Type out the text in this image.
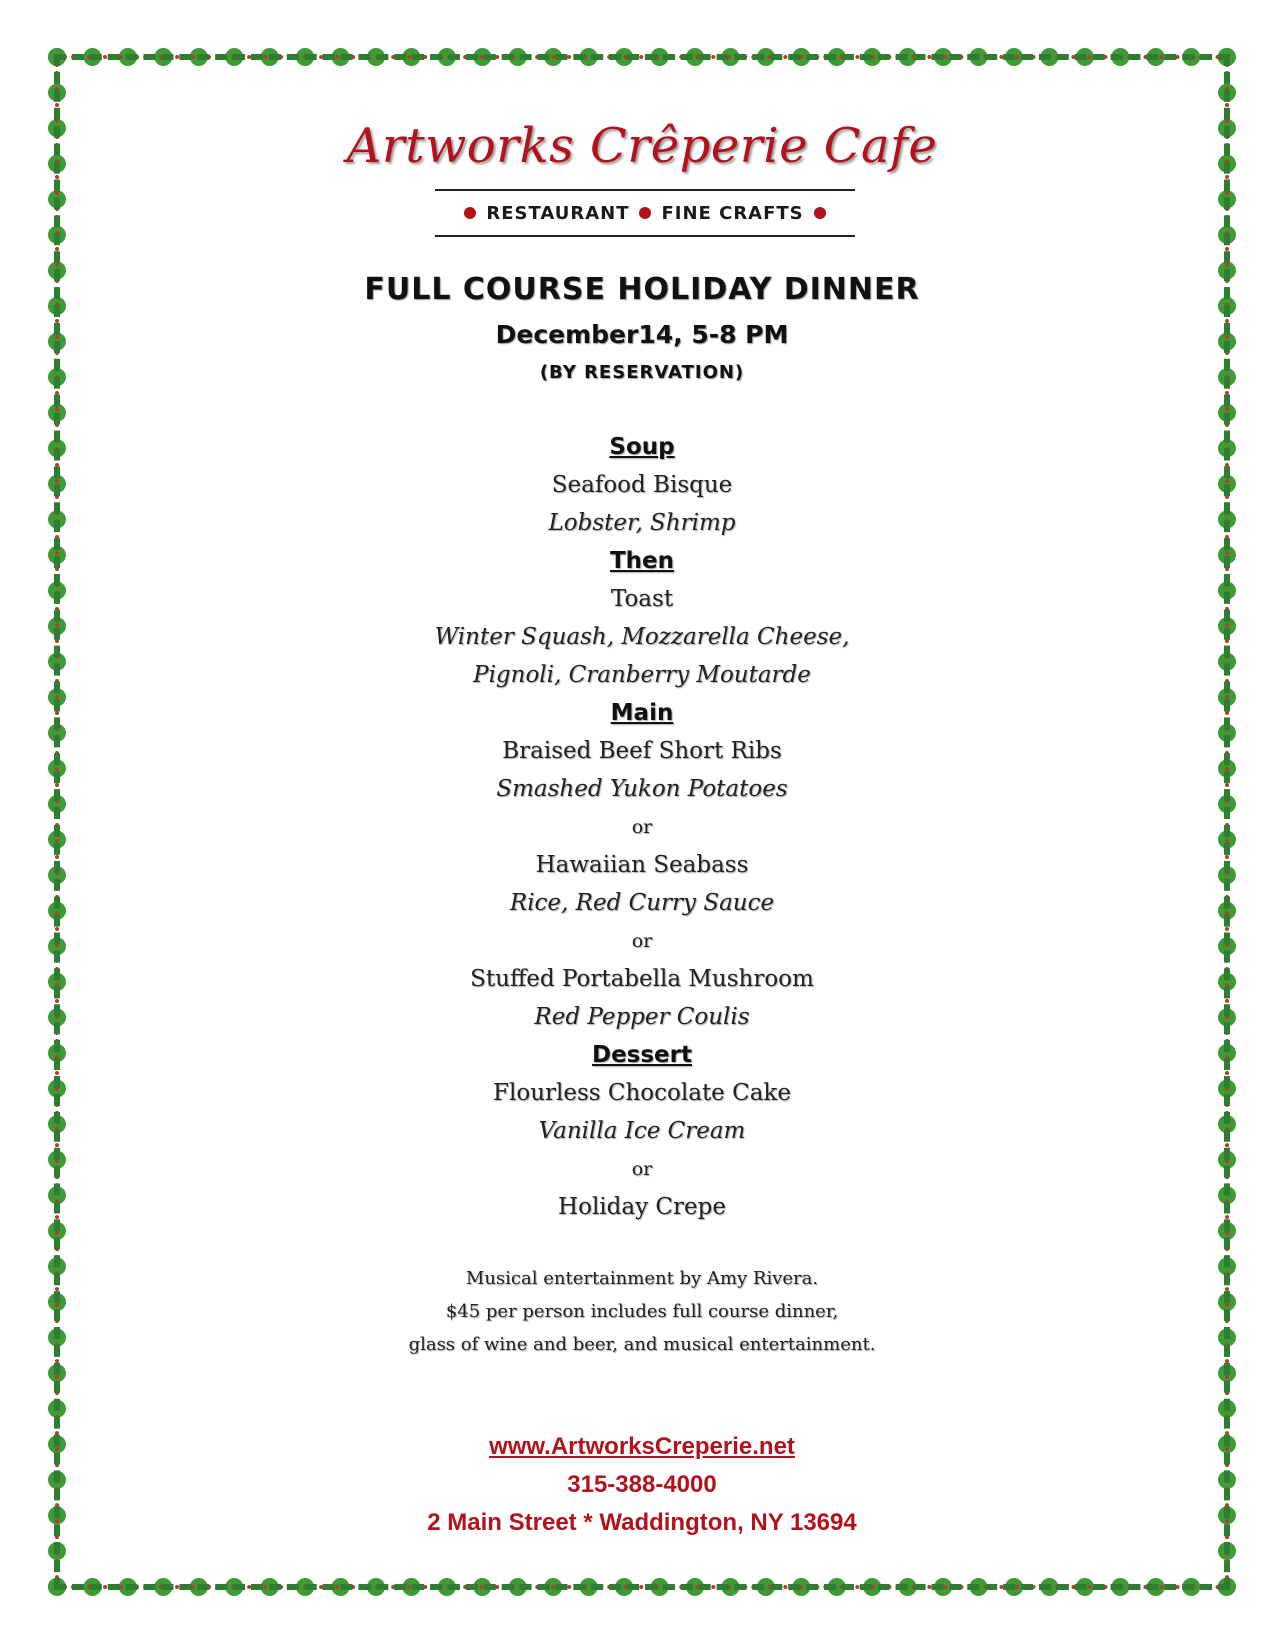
Artworks Crêperie Cafe
RESTAURANT FINE CRAFTS
FULL COURSE HOLIDAY DINNER
December14, 5-8 PM
(BY RESERVATION)
Soup
Seafood Bisque
Lobster, Shrimp
Then
Toast
Winter Squash, Mozzarella Cheese,
Pignoli, Cranberry Moutarde
Main
Braised Beef Short Ribs
Smashed Yukon Potatoes
or
Hawaiian Seabass
Rice, Red Curry Sauce
or
Stuffed Portabella Mushroom
Red Pepper Coulis
Dessert
Flourless Chocolate Cake
Vanilla Ice Cream
or
Holiday Crepe
Musical entertainment by Amy Rivera.
$45 per person includes full course dinner,
glass of wine and beer, and musical entertainment.
www.ArtworksCreperie.net
315-388-4000
2 Main Street * Waddington, NY 13694
